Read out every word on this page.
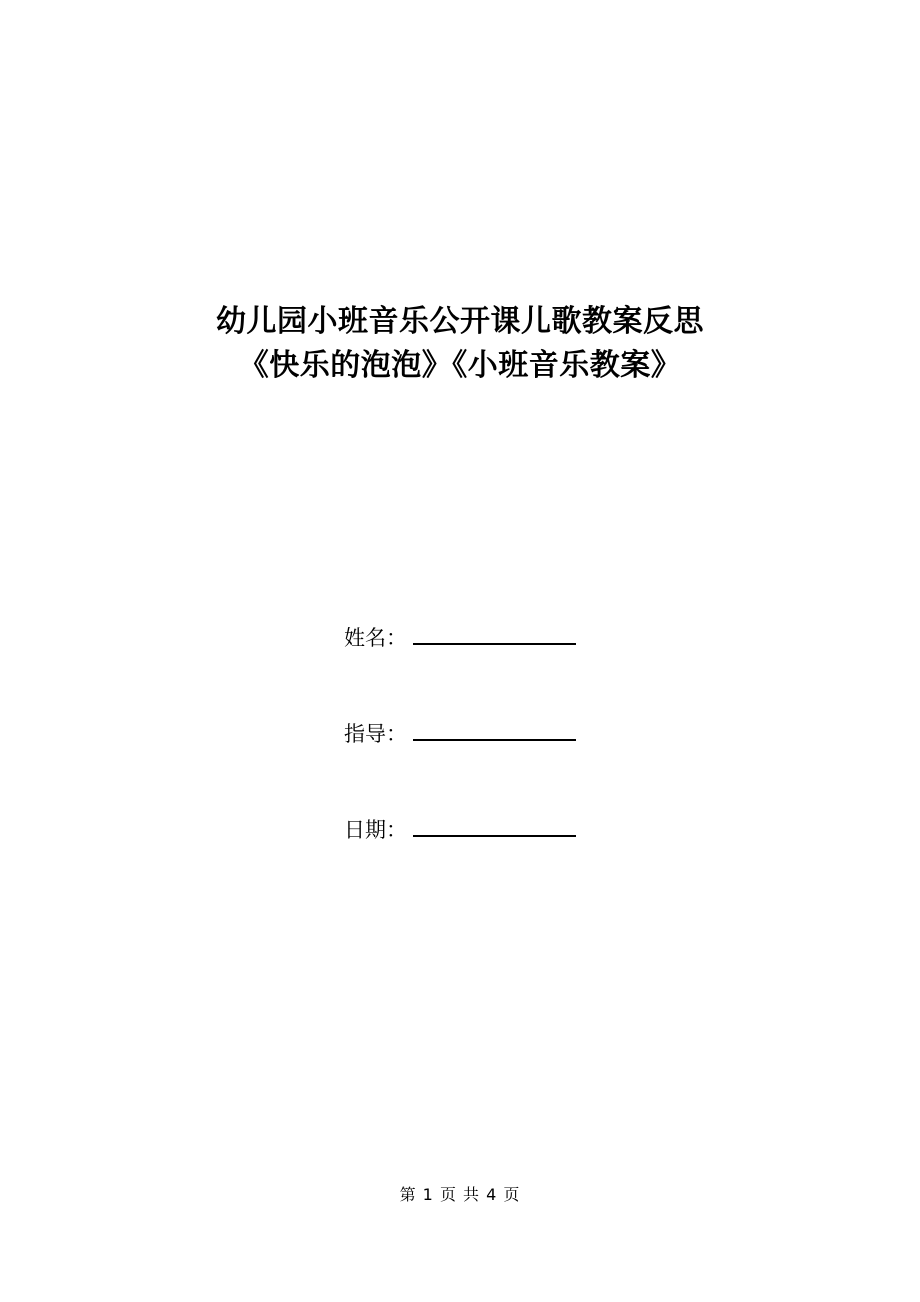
幼儿园小班音乐公开课儿歌教案反思
《快乐的泡泡》《小班音乐教案》
姓名：
指导：
日期：
第 1 页 共 4 页
